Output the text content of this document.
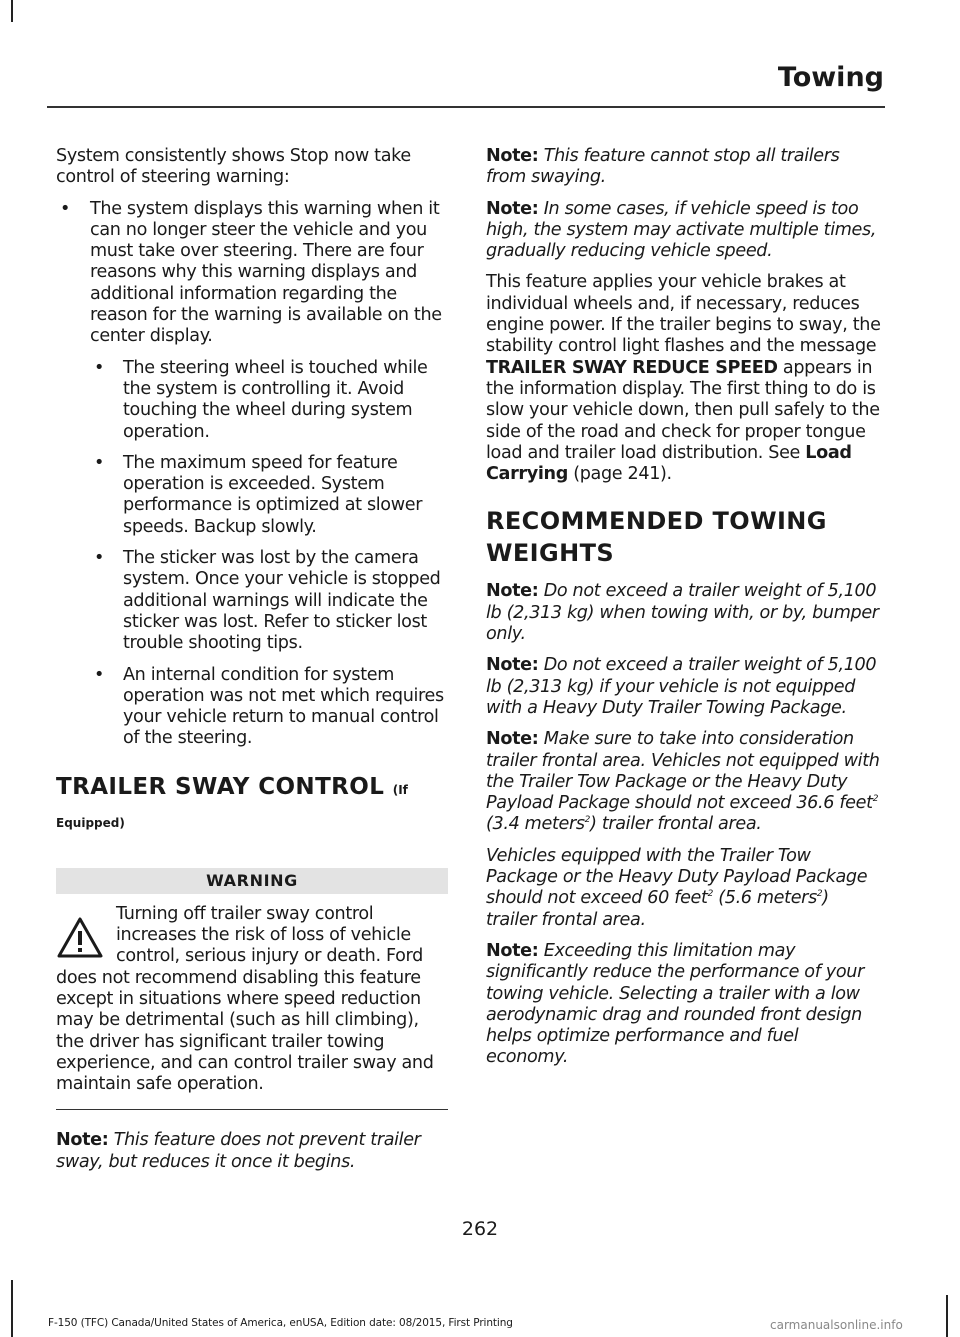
Towing

System consistently shows Stop now take control of steering warning:

• The system displays this warning when it can no longer steer the vehicle and you must take over steering. There are four reasons why this warning displays and additional information regarding the reason for the warning is available on the center display.
• The steering wheel is touched while the system is controlling it. Avoid touching the wheel during system operation.
• The maximum speed for feature operation is exceeded. System performance is optimized at slower speeds. Backup slowly.
• The sticker was lost by the camera system. Once your vehicle is stopped additional warnings will indicate the sticker was lost. Refer to sticker lost trouble shooting tips.
• An internal condition for system operation was not met which requires your vehicle return to manual control of the steering.
TRAILER SWAY CONTROL (If Equipped)
WARNING
Turning off trailer sway control increases the risk of loss of vehicle control, serious injury or death. Ford does not recommend disabling this feature except in situations where speed reduction may be detrimental (such as hill climbing), the driver has significant trailer towing experience, and can control trailer sway and maintain safe operation.

Note: This feature does not prevent trailer sway, but reduces it once it begins.

Note: This feature cannot stop all trailers from swaying.

Note: In some cases, if vehicle speed is too high, the system may activate multiple times, gradually reducing vehicle speed.

This feature applies your vehicle brakes at individual wheels and, if necessary, reduces engine power. If the trailer begins to sway, the stability control light flashes and the message TRAILER SWAY REDUCE SPEED appears in the information display. The first thing to do is slow your vehicle down, then pull safely to the side of the road and check for proper tongue load and trailer load distribution. See Load Carrying (page 241).

RECOMMENDED TOWING WEIGHTS

Note: Do not exceed a trailer weight of 5,100 lb (2,313 kg) when towing with, or by, bumper only.

Note: Do not exceed a trailer weight of 5,100 lb (2,313 kg) if your vehicle is not equipped with a Heavy Duty Trailer Towing Package.

Note: Make sure to take into consideration trailer frontal area. Vehicles not equipped with the Trailer Tow Package or the Heavy Duty Payload Package should not exceed 36.6 feet$^2$ (3.4 meters$^2$) trailer frontal area.

Vehicles equipped with the Trailer Tow Package or the Heavy Duty Payload Package should not exceed 60 feet$^2$ (5.6 meters$^2$) trailer frontal area.

Note: Exceeding this limitation may significantly reduce the performance of your towing vehicle. Selecting a trailer with a low aerodynamic drag and rounded front design helps optimize performance and fuel economy.

262
F-150 (TFC) Canada/United States of America, enUSA, Edition date: 08/2015, First Printing	carmanualsonline.info
